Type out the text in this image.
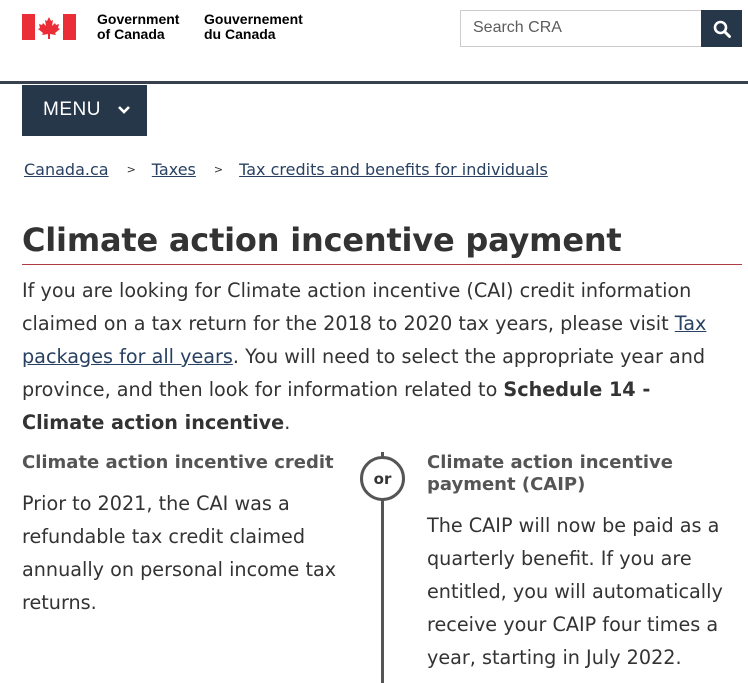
Government
of Canada
Gouvernement
du Canada	Search CRA
MENU
Canada.ca > Taxes > Tax credits and benefits for individuals
Climate action incentive payment

If you are looking for Climate action incentive (CAI) credit information claimed on a tax return for the 2018 to 2020 tax years, please visit Tax packages for all years. You will need to select the appropriate year and province, and then look for information related to Schedule 14 - Climate action incentive.

Climate action incentive credit

Prior to 2021, the CAI was a refundable tax credit claimed annually on personal income tax returns.

or
Climate action incentive payment (CAIP)

The CAIP will now be paid as a quarterly benefit. If you are entitled, you will automatically receive your CAIP four times a year, starting in July 2022.
